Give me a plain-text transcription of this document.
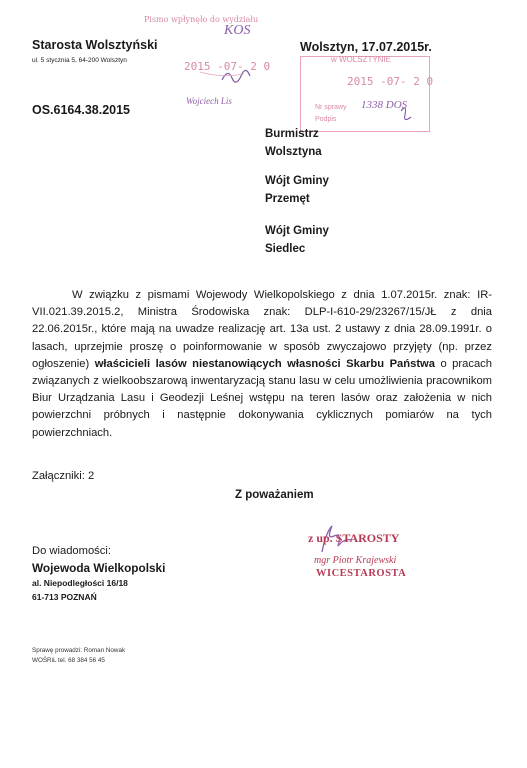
Starosta Wolsztyński
ul. 5 stycznia 5, 64-200 Wolsztyn
Wolsztyn, 17.07.2015r.
OS.6164.38.2015
Pismo wpłynęło do wydziału
KOS
2015 -07- 2 0
Wojciech Lis
w WOLSZTYNIE
2015 -07- 2 0
Nr sprawy 1338 DOS
Podpis
Burmistrz
Wolsztyna
Wójt Gminy
Przemęt
Wójt Gminy
Siedlec

W związku z pismami Wojewody Wielkopolskiego z dnia 1.07.2015r. znak: IR-VII.021.39.2015.2, Ministra Środowiska znak: DLP-I-610-29/23267/15/JŁ z dnia 22.06.2015r., które mają na uwadze realizację art. 13a ust. 2 ustawy z dnia 28.09.1991r. o lasach, uprzejmie proszę o poinformowanie w sposób zwyczajowo przyjęty (np. przez ogłoszenie) właścicieli lasów niestanowiących własności Skarbu Państwa o pracach związanych z wielkoobszarową inwentaryzacją stanu lasu w celu umożliwienia pracownikom Biur Urządzania Lasu i Geodezji Leśnej wstępu na teren lasów oraz założenia w nich powierzchni próbnych i następnie dokonywania cyklicznych pomiarów na tych powierzchniach.

Załączniki: 2
Z poważaniem
z up. STAROSTY
mgr Piotr Krajewski
WICESTAROSTA
Do wiadomości:
Wojewoda Wielkopolski
al. Niepodległości 16/18
61-713 POZNAŃ
Sprawę prowadzi: Roman Nowak
WOŚRiL tel. 68 384 56 45
